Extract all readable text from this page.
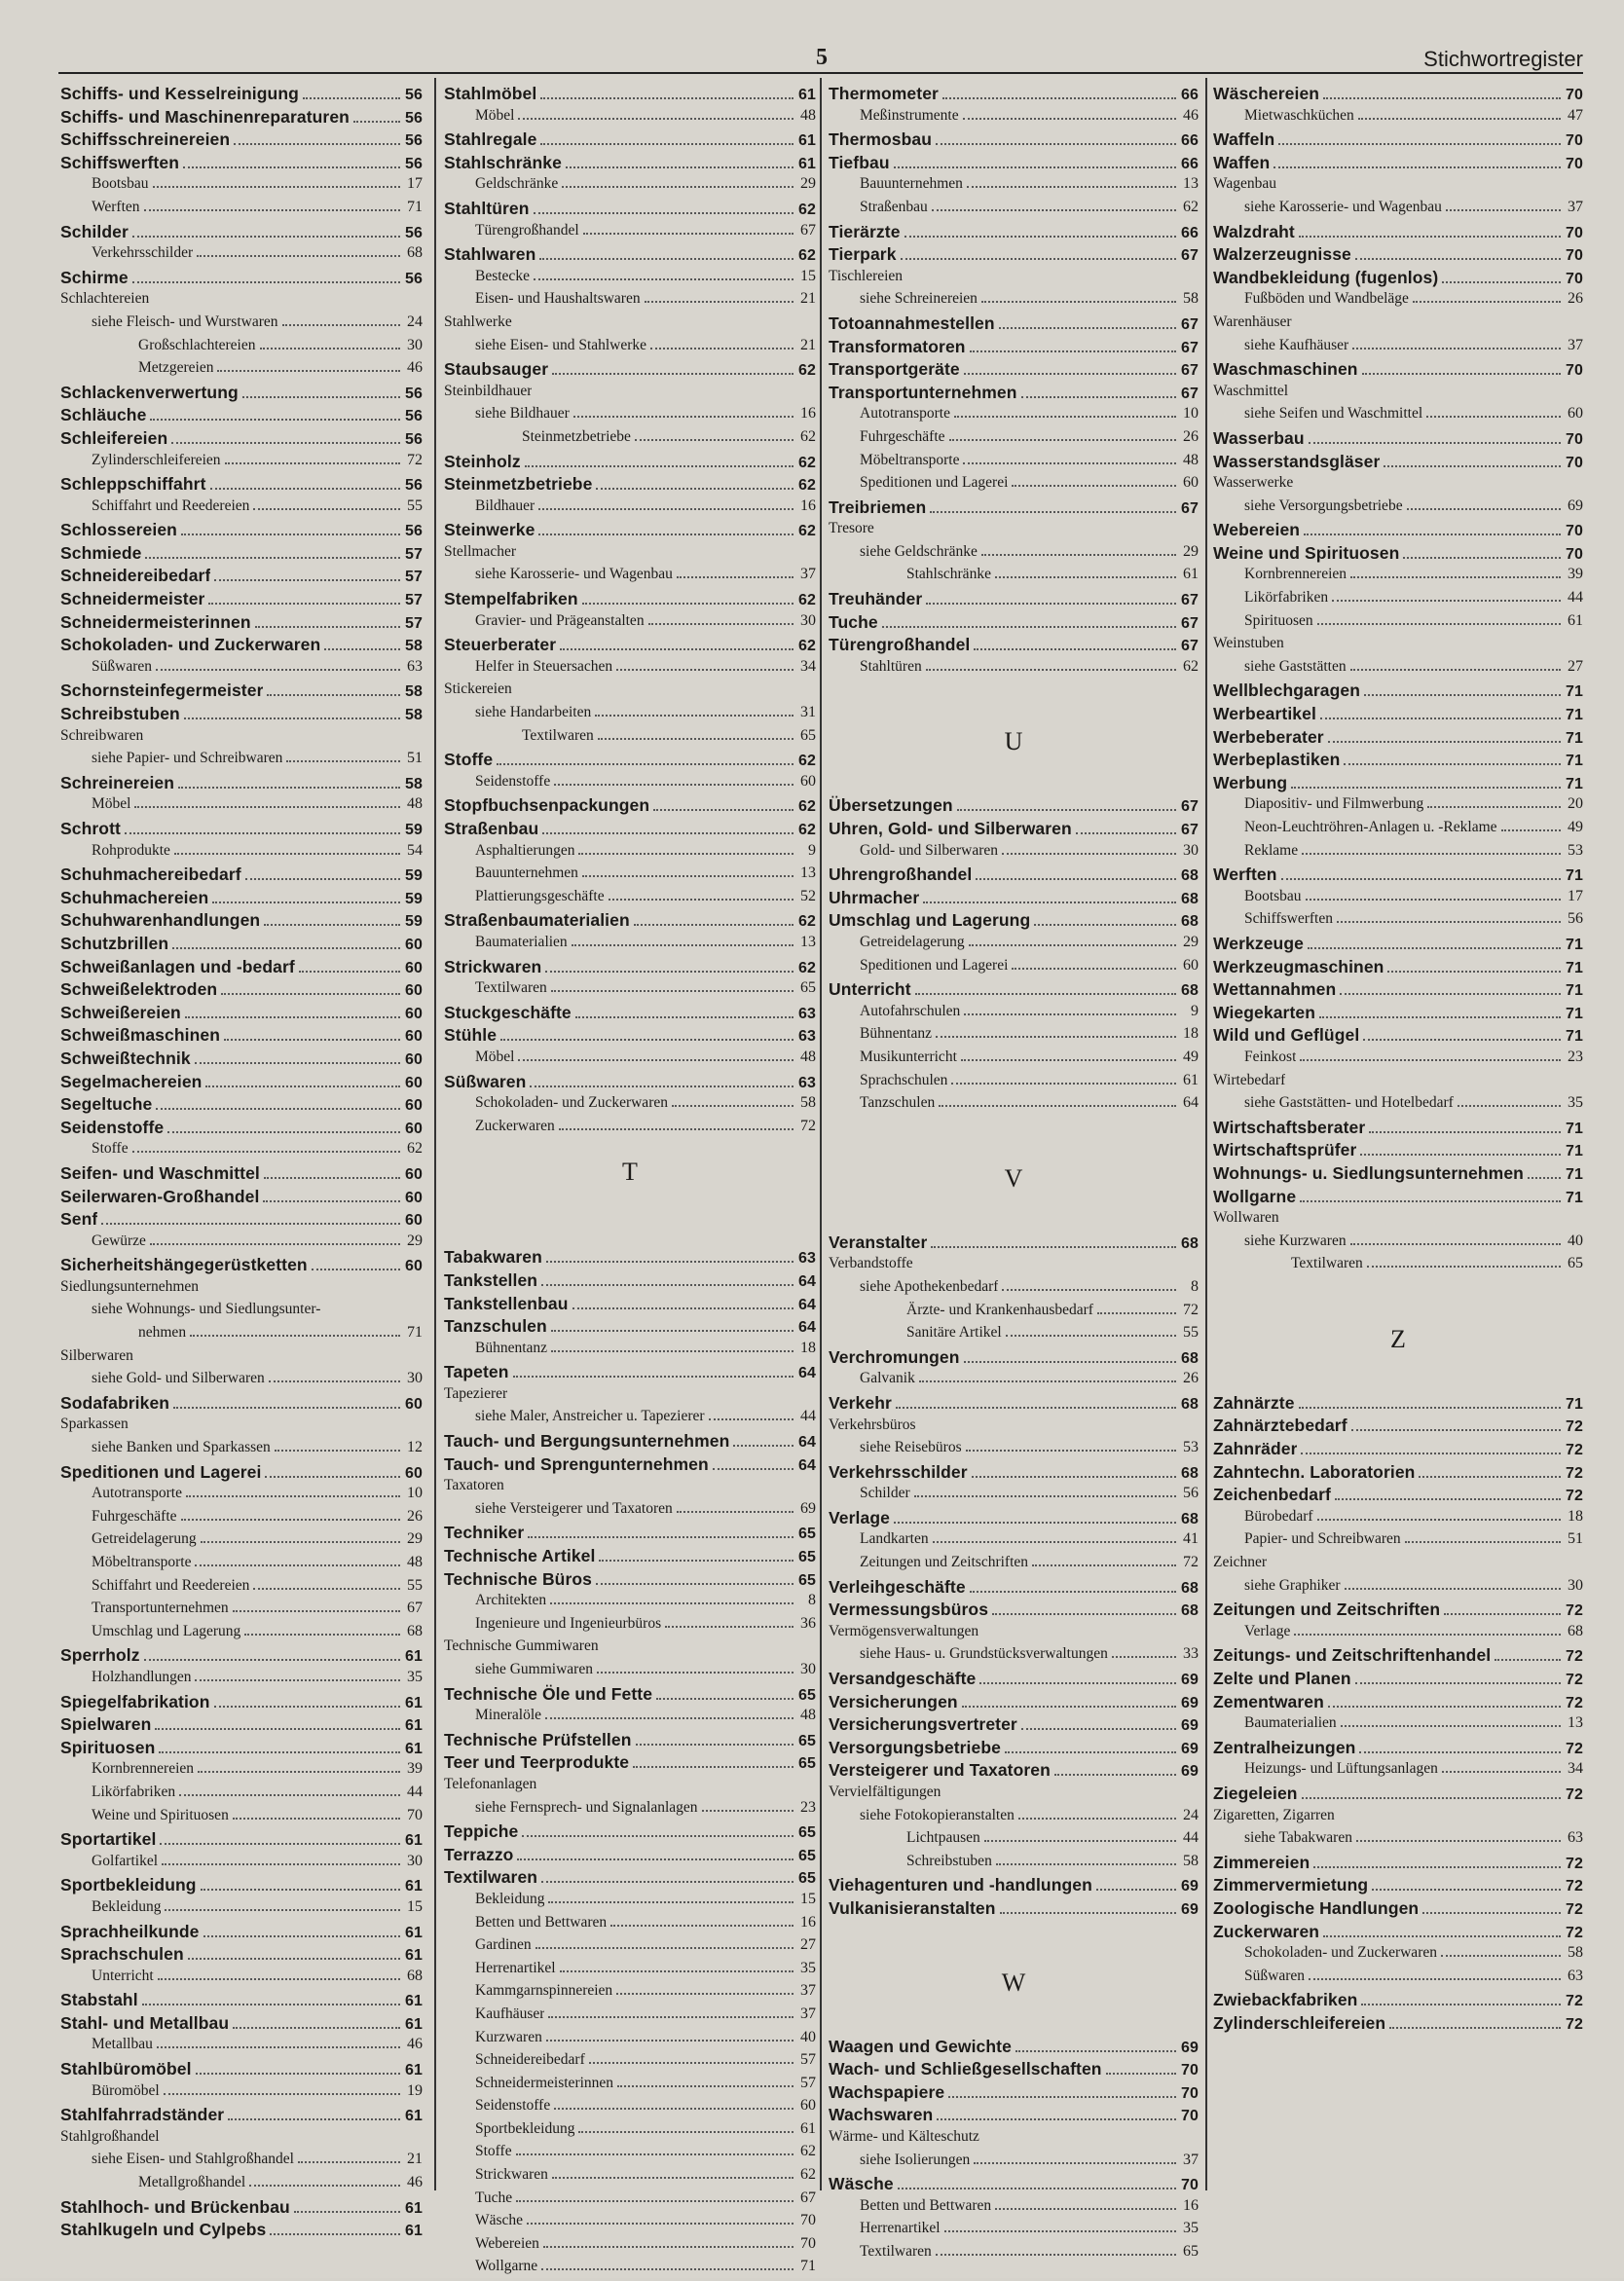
5	Stichwortregister
Schiffs- und Kesselreinigung	56
Schiffs- und Maschinenreparaturen	56
Schiffsschreinereien	56
Schiffswerften	56
Bootsbau	17
Werften	71
Schilder	56
Verkehrsschilder	68
Schirme	56
Schlachtereien
siehe Fleisch- und Wurstwaren	24
Großschlachtereien	30
Metzgereien	46
Schlackenverwertung	56
Schläuche	56
Schleifereien	56
Zylinderschleifereien	72
Schleppschiffahrt	56
Schiffahrt und Reedereien	55
Schlossereien	56
Schmiede	57
Schneidereibedarf	57
Schneidermeister	57
Schneidermeisterinnen	57
Schokoladen- und Zuckerwaren	58
Süßwaren	63
Schornsteinfegermeister	58
Schreibstuben	58
Schreibwaren
siehe Papier- und Schreibwaren	51
Schreinereien	58
Möbel	48
Schrott	59
Rohprodukte	54
Schuhmachereibedarf	59
Schuhmachereien	59
Schuhwarenhandlungen	59
Schutzbrillen	60
Schweißanlagen und -bedarf	60
Schweißelektroden	60
Schweißereien	60
Schweißmaschinen	60
Schweißtechnik	60
Segelmachereien	60
Segeltuche	60
Seidenstoffe	60
Stoffe	62
Seifen- und Waschmittel	60
Seilerwaren-Großhandel	60
Senf	60
Gewürze	29
Sicherheitshängegerüstketten	60
Siedlungsunternehmen
siehe Wohnungs- und Siedlungsunter-
nehmen	71
Silberwaren
siehe Gold- und Silberwaren	30
Sodafabriken	60
Sparkassen
siehe Banken und Sparkassen	12
Speditionen und Lagerei	60
Autotransporte	10
Fuhrgeschäfte	26
Getreidelagerung	29
Möbeltransporte	48
Schiffahrt und Reedereien	55
Transportunternehmen	67
Umschlag und Lagerung	68
Sperrholz	61
Holzhandlungen	35
Spiegelfabrikation	61
Spielwaren	61
Spirituosen	61
Kornbrennereien	39
Likörfabriken	44
Weine und Spirituosen	70
Sportartikel	61
Golfartikel	30
Sportbekleidung	61
Bekleidung	15
Sprachheilkunde	61
Sprachschulen	61
Unterricht	68
Stabstahl	61
Stahl- und Metallbau	61
Metallbau	46
Stahlbüromöbel	61
Büromöbel	19
Stahlfahrradständer	61
Stahlgroßhandel
siehe Eisen- und Stahlgroßhandel	21
Metallgroßhandel	46
Stahlhoch- und Brückenbau	61
Stahlkugeln und Cylpebs	61
Stahlmöbel	61
Möbel	48
Stahlregale	61
Stahlschränke	61
Geldschränke	29
Stahltüren	62
Türengroßhandel	67
Stahlwaren	62
Bestecke	15
Eisen- und Haushaltswaren	21
Stahlwerke
siehe Eisen- und Stahlwerke	21
Staubsauger	62
Steinbildhauer
siehe Bildhauer	16
Steinmetzbetriebe	62
Steinholz	62
Steinmetzbetriebe	62
Bildhauer	16
Steinwerke	62
Stellmacher
siehe Karosserie- und Wagenbau	37
Stempelfabriken	62
Gravier- und Prägeanstalten	30
Steuerberater	62
Helfer in Steuersachen	34
Stickereien
siehe Handarbeiten	31
Textilwaren	65
Stoffe	62
Seidenstoffe	60
Stopfbuchsenpackungen	62
Straßenbau	62
Asphaltierungen	9
Bauunternehmen	13
Plattierungsgeschäfte	52
Straßenbaumaterialien	62
Baumaterialien	13
Strickwaren	62
Textilwaren	65
Stuckgeschäfte	63
Stühle	63
Möbel	48
Süßwaren	63
Schokoladen- und Zuckerwaren	58
Zuckerwaren	72
T
Tabakwaren	63
Tankstellen	64
Tankstellenbau	64
Tanzschulen	64
Bühnentanz	18
Tapeten	64
Tapezierer
siehe Maler, Anstreicher u. Tapezierer	44
Tauch- und Bergungsunternehmen	64
Tauch- und Sprengunternehmen	64
Taxatoren
siehe Versteigerer und Taxatoren	69
Techniker	65
Technische Artikel	65
Technische Büros	65
Architekten	8
Ingenieure und Ingenieurbüros	36
Technische Gummiwaren
siehe Gummiwaren	30
Technische Öle und Fette	65
Mineralöle	48
Technische Prüfstellen	65
Teer und Teerprodukte	65
Telefonanlagen
siehe Fernsprech- und Signalanlagen	23
Teppiche	65
Terrazzo	65
Textilwaren	65
Bekleidung	15
Betten und Bettwaren	16
Gardinen	27
Herrenartikel	35
Kammgarnspinnereien	37
Kaufhäuser	37
Kurzwaren	40
Schneidereibedarf	57
Schneidermeisterinnen	57
Seidenstoffe	60
Sportbekleidung	61
Stoffe	62
Strickwaren	62
Tuche	67
Wäsche	70
Webereien	70
Wollgarne	71
Thermometer	66
Meßinstrumente	46
Thermosbau	66
Tiefbau	66
Bauunternehmen	13
Straßenbau	62
Tierärzte	66
Tierpark	67
Tischlereien
siehe Schreinereien	58
Totoannahmestellen	67
Transformatoren	67
Transportgeräte	67
Transportunternehmen	67
Autotransporte	10
Fuhrgeschäfte	26
Möbeltransporte	48
Speditionen und Lagerei	60
Treibriemen	67
Tresore
siehe Geldschränke	29
Stahlschränke	61
Treuhänder	67
Tuche	67
Türengroßhandel	67
Stahltüren	62
U
Übersetzungen	67
Uhren, Gold- und Silberwaren	67
Gold- und Silberwaren	30
Uhrengroßhandel	68
Uhrmacher	68
Umschlag und Lagerung	68
Getreidelagerung	29
Speditionen und Lagerei	60
Unterricht	68
Autofahrschulen	9
Bühnentanz	18
Musikunterricht	49
Sprachschulen	61
Tanzschulen	64
V
Veranstalter	68
Verbandstoffe
siehe Apothekenbedarf	8
Ärzte- und Krankenhausbedarf	72
Sanitäre Artikel	55
Verchromungen	68
Galvanik	26
Verkehr	68
Verkehrsbüros
siehe Reisebüros	53
Verkehrsschilder	68
Schilder	56
Verlage	68
Landkarten	41
Zeitungen und Zeitschriften	72
Verleihgeschäfte	68
Vermessungsbüros	68
Vermögensverwaltungen
siehe Haus- u. Grundstücksverwaltungen	33
Versandgeschäfte	69
Versicherungen	69
Versicherungsvertreter	69
Versorgungsbetriebe	69
Versteigerer und Taxatoren	69
Vervielfältigungen
siehe Fotokopieranstalten	24
Lichtpausen	44
Schreibstuben	58
Viehagenturen und -handlungen	69
Vulkanisieranstalten	69
W
Waagen und Gewichte	69
Wach- und Schließgesellschaften	70
Wachspapiere	70
Wachswaren	70
Wärme- und Kälteschutz
siehe Isolierungen	37
Wäsche	70
Betten und Bettwaren	16
Herrenartikel	35
Textilwaren	65
Wäschereien	70
Mietwaschküchen	47
Waffeln	70
Waffen	70
Wagenbau
siehe Karosserie- und Wagenbau	37
Walzdraht	70
Walzerzeugnisse	70
Wandbekleidung (fugenlos)	70
Fußböden und Wandbeläge	26
Warenhäuser
siehe Kaufhäuser	37
Waschmaschinen	70
Waschmittel
siehe Seifen und Waschmittel	60
Wasserbau	70
Wasserstandsgläser	70
Wasserwerke
siehe Versorgungsbetriebe	69
Webereien	70
Weine und Spirituosen	70
Kornbrennereien	39
Likörfabriken	44
Spirituosen	61
Weinstuben
siehe Gaststätten	27
Wellblechgaragen	71
Werbeartikel	71
Werbeberater	71
Werbeplastiken	71
Werbung	71
Diapositiv- und Filmwerbung	20
Neon-Leuchtröhren-Anlagen u. -Reklame	49
Reklame	53
Werften	71
Bootsbau	17
Schiffswerften	56
Werkzeuge	71
Werkzeugmaschinen	71
Wettannahmen	71
Wiegekarten	71
Wild und Geflügel	71
Feinkost	23
Wirtebedarf
siehe Gaststätten- und Hotelbedarf	35
Wirtschaftsberater	71
Wirtschaftsprüfer	71
Wohnungs- u. Siedlungsunternehmen	71
Wollgarne	71
Wollwaren
siehe Kurzwaren	40
Textilwaren	65
Z
Zahnärzte	71
Zahnärztebedarf	72
Zahnräder	72
Zahntechn. Laboratorien	72
Zeichenbedarf	72
Bürobedarf	18
Papier- und Schreibwaren	51
Zeichner
siehe Graphiker	30
Zeitungen und Zeitschriften	72
Verlage	68
Zeitungs- und Zeitschriftenhandel	72
Zelte und Planen	72
Zementwaren	72
Baumaterialien	13
Zentralheizungen	72
Heizungs- und Lüftungsanlagen	34
Ziegeleien	72
Zigaretten, Zigarren
siehe Tabakwaren	63
Zimmereien	72
Zimmervermietung	72
Zoologische Handlungen	72
Zuckerwaren	72
Schokoladen- und Zuckerwaren	58
Süßwaren	63
Zwiebackfabriken	72
Zylinderschleifereien	72
